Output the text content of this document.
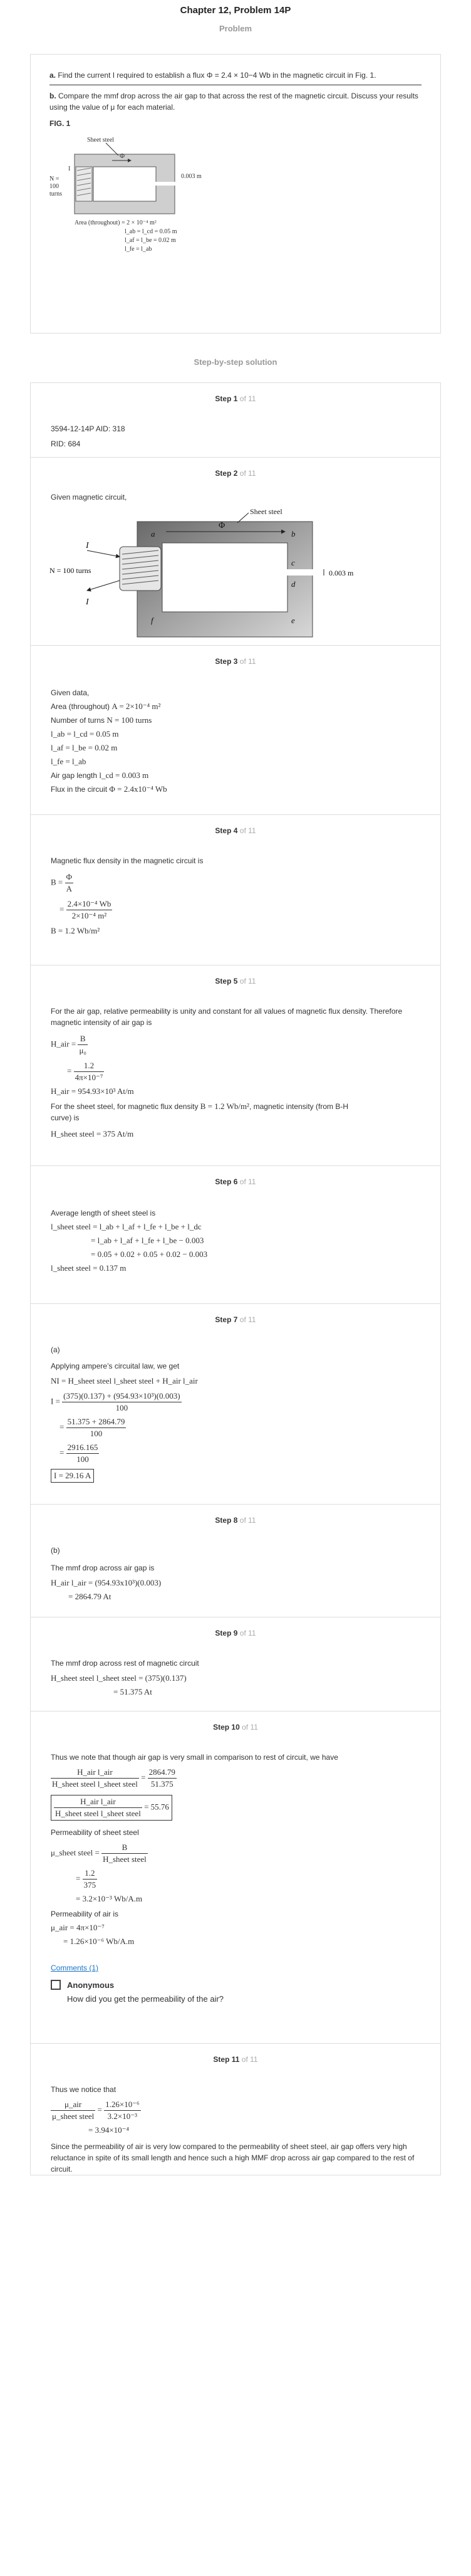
Chapter 12, Problem 14P
Problem

a. Find the current I required to establish a flux Φ = 2.4 × 10−4 Wb in the magnetic circuit in Fig. 1.

b. Compare the mmf drop across the air gap to that across the rest of the magnetic circuit. Discuss your results using the value of μ for each material.

FIG. 1
Φ
Sheet steel
N =
100
turns
I
0.003 m
Area (throughout) = 2 × 10⁻⁴ m²
l_ab = l_cd = 0.05 m
l_af = l_be = 0.02 m
l_fe = l_ab
Step-by-step solution
Step 1 of 11
3594-12-14P AID: 318
RID: 684
Step 2 of 11
Given magnetic circuit,
Φ
Sheet steel
a	b
c
d
e
f
I
I
N = 100 turns	0.003 m
Step 3 of 11
Given data,
Area (throughout) A = 2×10⁻⁴ m²
Number of turns N = 100 turns
l_ab = l_cd = 0.05 m
l_af = l_be = 0.02 m
l_fe = l_ab
Air gap length l_cd = 0.003 m
Flux in the circuit Φ = 2.4x10⁻⁴ Wb
Step 4 of 11
Magnetic flux density in the magnetic circuit is
$B = \frac{\Phi}{A}$
= $\frac{\text{2.4×10⁻⁴ Wb}}{\text{2×10⁻⁴ m²}}$
B = 1.2 Wb/m²
Step 5 of 11
For the air gap, relative permeability is unity and constant for all values of magnetic flux density. Therefore magnetic intensity of air gap is
H_air = $\frac{B}{\text{μ₀}}$
= $\frac{1.2}{\text{4π×10⁻⁷}}$
H_air = 954.93×10³ At/m
For the sheet steel, for magnetic flux density B = 1.2 Wb/m², magnetic intensity (from B-H
curve) is
H_sheet steel = 375 At/m
Step 6 of 11
Average length of sheet steel is
l_sheet steel = l_ab + l_af + l_fe + l_be + l_dc
= l_ab + l_af + l_fe + l_be − 0.003
= 0.05 + 0.02 + 0.05 + 0.02 − 0.003
l_sheet steel = 0.137 m
Step 7 of 11
(a)
Applying ampere’s circuital law, we get
NI = H_sheet steel l_sheet steel + H_air l_air
$I = \frac{\text{(375)(0.137) + (954.93×10³)(0.003)}}{100}$
= $\frac{51.375 + 2864.79}{100}$
= $\frac{2916.165}{100}$
I = 29.16 A
Step 8 of 11
(b)
The mmf drop across air gap is
H_air l_air = (954.93x10³)(0.003)
= 2864.79 At
Step 9 of 11
The mmf drop across rest of magnetic circuit
H_sheet steel l_sheet steel = (375)(0.137)
= 51.375 At
Step 10 of 11
Thus we note that though air gap is very small in comparison to rest of circuit, we have
$\frac{\text{H\_air l\_air}}{\text{H\_sheet steel l\_sheet steel}} = \frac{2864.79}{51.375}$
$\frac{\text{H\_air l\_air}}{\text{H\_sheet steel l\_sheet steel}} = 55.76$
Permeability of sheet steel
μ_sheet steel = $\frac{B}{\text{H\_sheet steel}}$
= $\frac{1.2}{375}$
= 3.2×10⁻³ Wb/A.m
Permeability of air is
μ_air = 4π×10⁻⁷
= 1.26×10⁻⁶ Wb/A.m
Comments (1)
Anonymous
How did you get the permeability of the air?
Step 11 of 11
Thus we notice that
$\frac{\text{μ\_air}}{\text{μ\_sheet steel}} = \frac{\text{1.26×10⁻⁶}}{\text{3.2×10⁻³}}$
= 3.94×10⁻⁴
Since the permeability of air is very low compared to the permeability of sheet steel, air gap offers very high reluctance in spite of its small length and hence such a high MMF drop across air gap compared to the rest of circuit.
